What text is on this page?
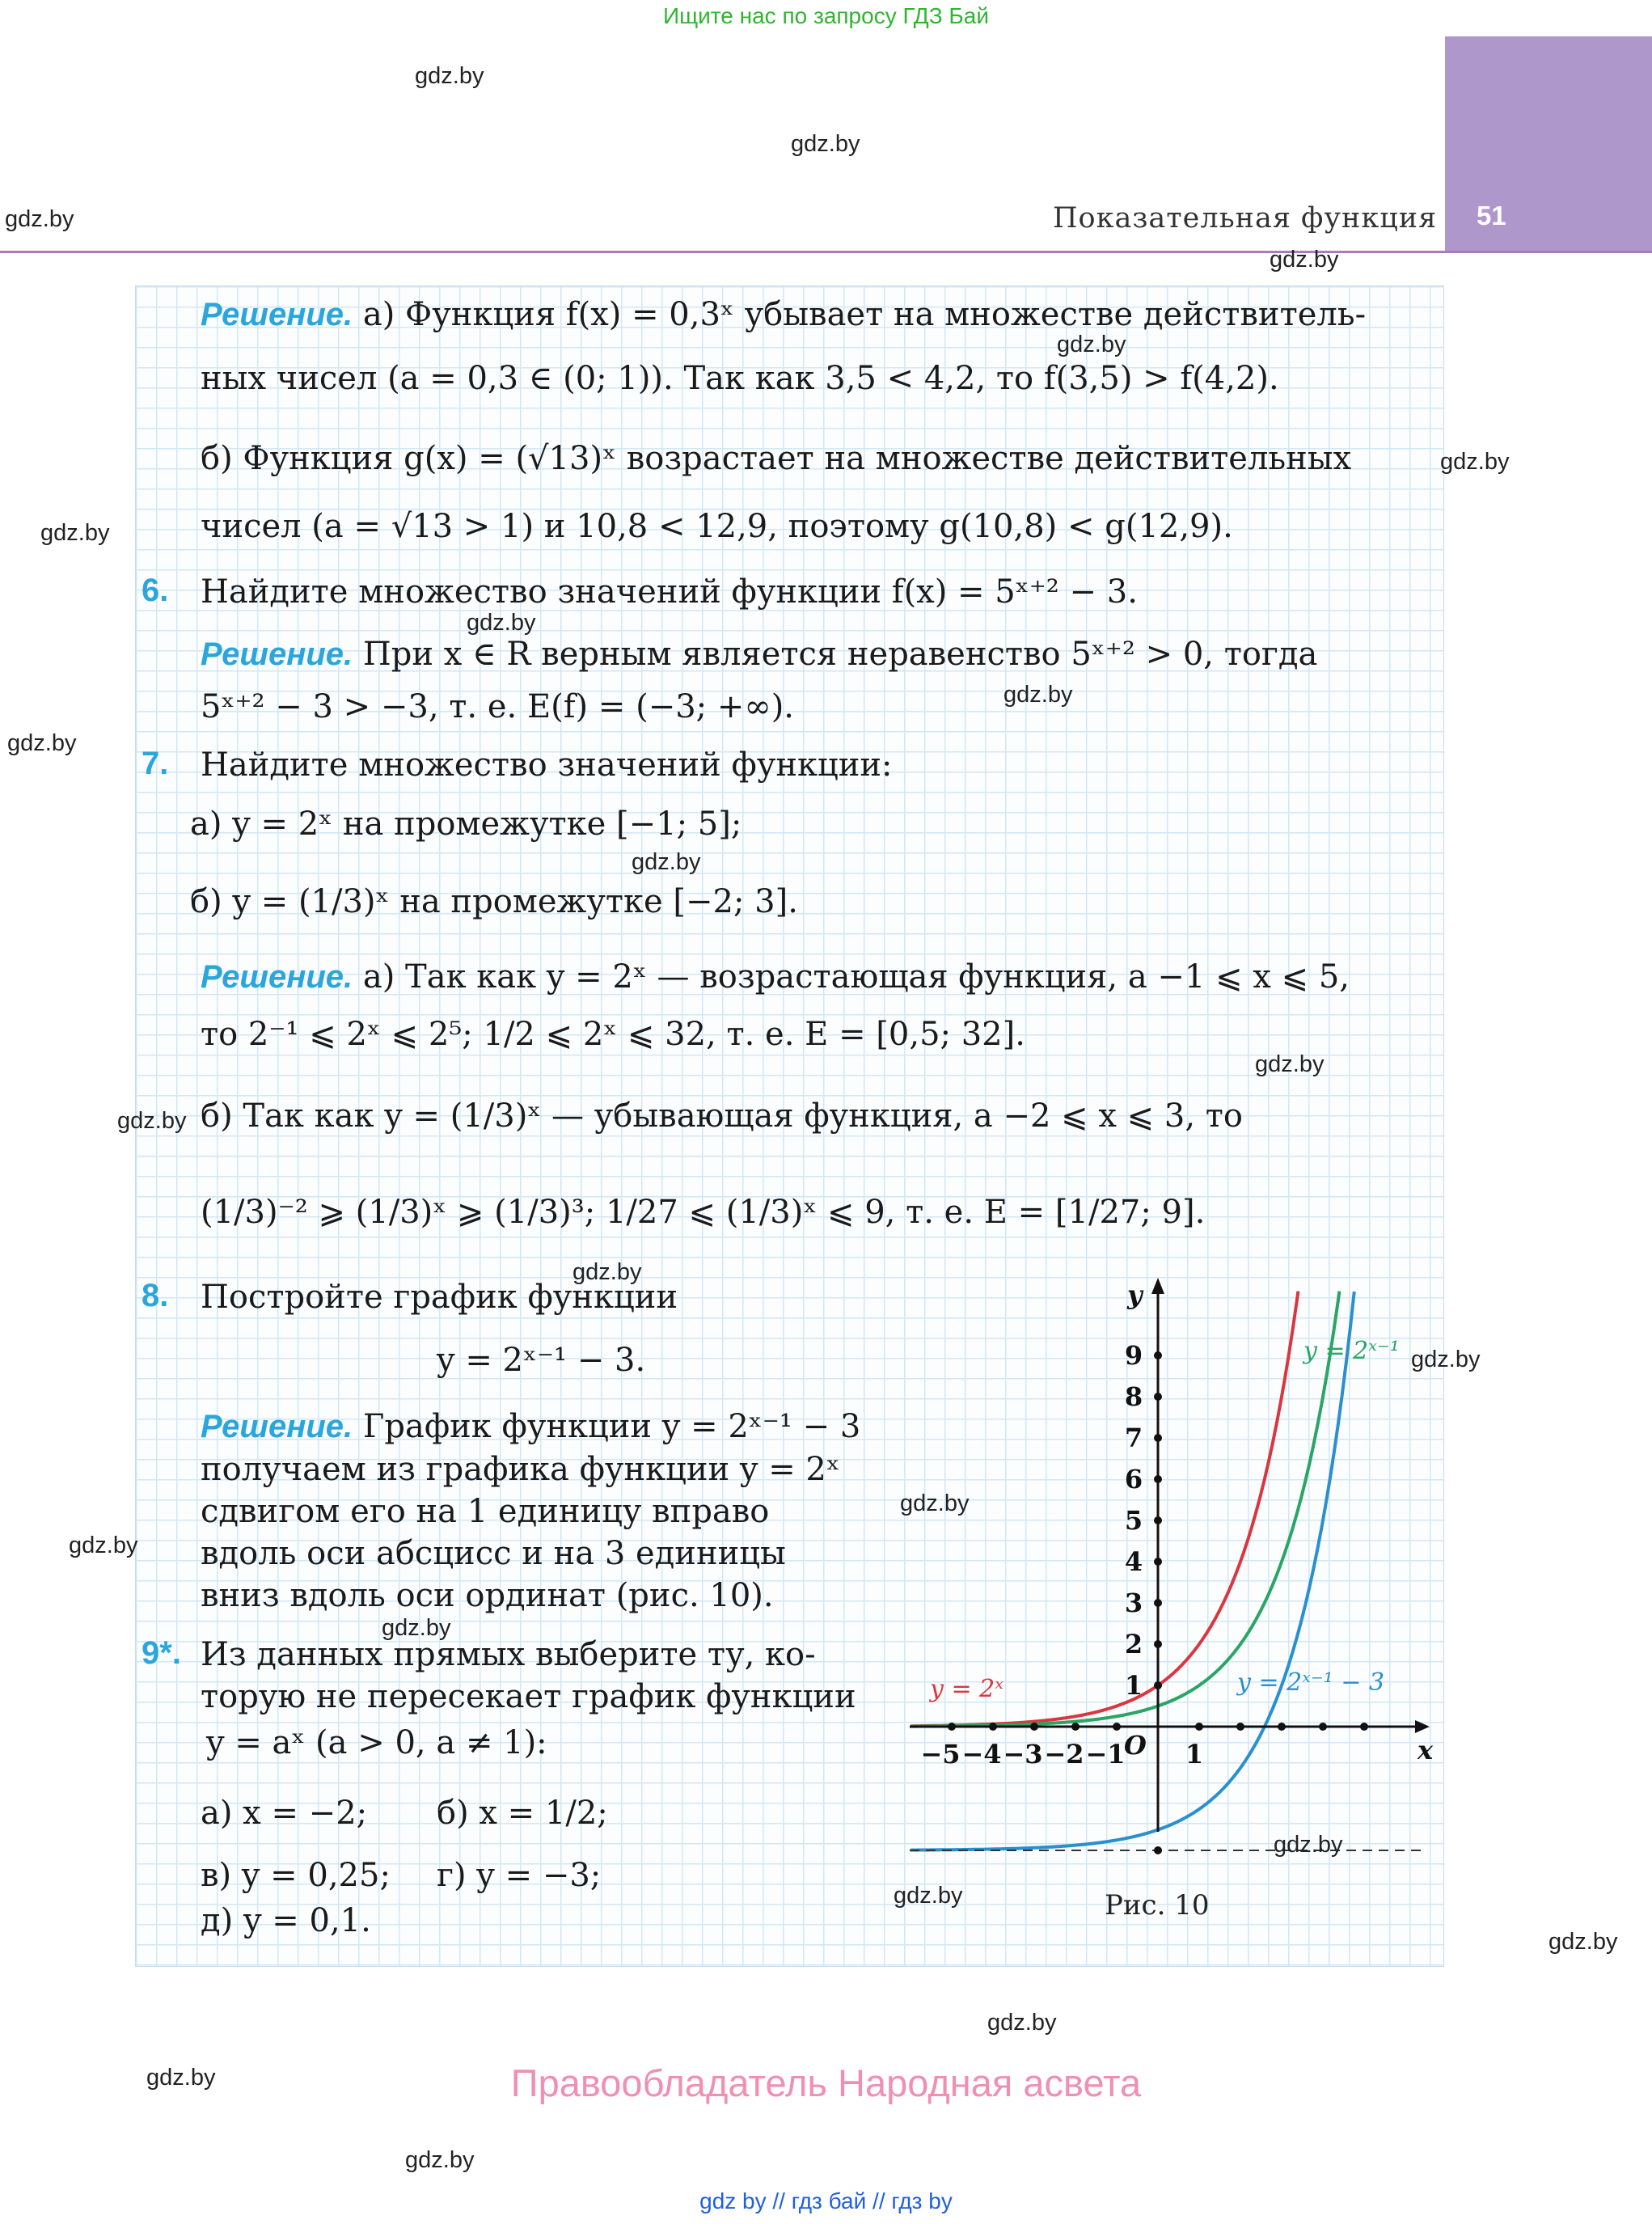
Ищите нас по запросу ГДЗ Бай
51
Показательная функция
Решение. а) Функция f(x) = 0,3ˣ убывает на множестве действитель-
ных чисел (a = 0,3 ∈ (0; 1)). Так как 3,5 < 4,2, то f(3,5) > f(4,2).
б) Функция g(x) = (√13)ˣ возрастает на множестве действительных
чисел (a = √13 > 1) и 10,8 < 12,9, поэтому g(10,8) < g(12,9).
6. Найдите множество значений функции f(x) = 5ˣ⁺² − 3.
Решение. При x ∈ R верным является неравенство 5ˣ⁺² > 0, тогда
5ˣ⁺² − 3 > −3, т. е. E(f) = (−3; +∞).
7. Найдите множество значений функции:
а) y = 2ˣ на промежутке [−1; 5];
б) y = (1/3)ˣ на промежутке [−2; 3].
Решение. а) Так как y = 2ˣ — возрастающая функция, а −1 ⩽ x ⩽ 5,
то 2⁻¹ ⩽ 2ˣ ⩽ 2⁵; 1/2 ⩽ 2ˣ ⩽ 32, т. е. E = [0,5; 32].
б) Так как y = (1/3)ˣ — убывающая функция, а −2 ⩽ x ⩽ 3, то
(1/3)⁻² ⩾ (1/3)ˣ ⩾ (1/3)³; 1/27 ⩽ (1/3)ˣ ⩽ 9, т. е. E = [1/27; 9].
8. Постройте график функции
y = 2ˣ⁻¹ − 3.
Решение. График функции y = 2ˣ⁻¹ − 3
получаем из графика функции y = 2ˣ
сдвигом его на 1 единицу вправо
вдоль оси абсцисс и на 3 единицы
вниз вдоль оси ординат (рис. 10).
9*. Из данных прямых выберите ту, ко-
торую не пересекает график функции
y = aˣ (a > 0, a ≠ 1):
а) x = −2; б) x = 1/2;
в) y = 0,25; г) y = −3;
д) y = 0,1.
−5 −4 −3 −2 −1 1
1
2
3
4
5
6
7
8
9
x
y
O
y = 2ˣ
y = 2ˣ⁻¹
y = 2ˣ⁻¹ − 3
Рис. 10
gdz.by
gdz.by
gdz.by
gdz.by
gdz.by
gdz.by
gdz.by
gdz.by
gdz.by
gdz.by
gdz.by
gdz.by
gdz.by
gdz.by
gdz.by
gdz.by
gdz.by
gdz.by
gdz.by
gdz.by
gdz.by
gdz.by
gdz.by
gdz.by
Правообладатель Народная асвета
gdz by // гдз бай // гдз by
